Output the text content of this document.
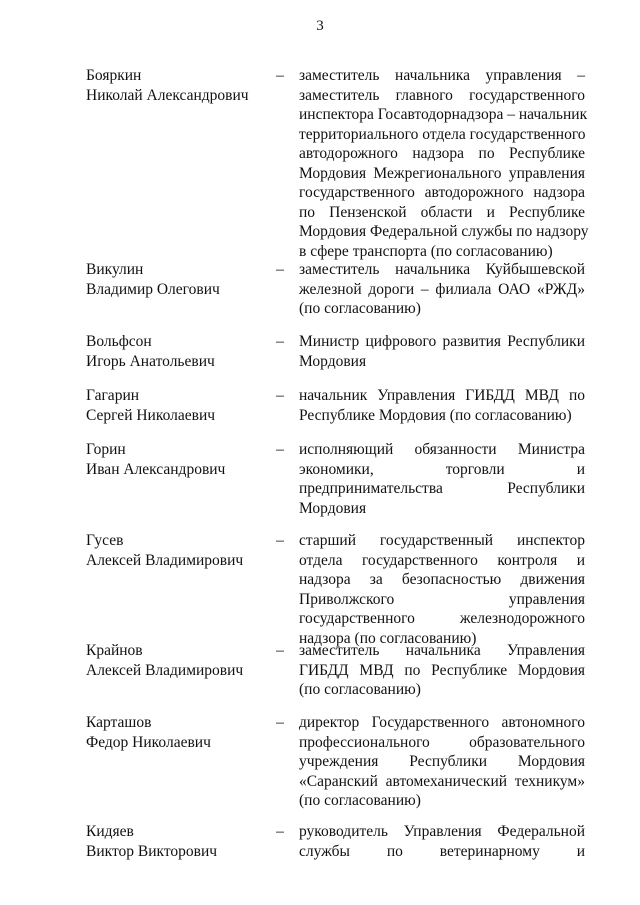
3
Бояркин
Николай Александрович
– заместитель начальника управления –
заместитель главного государственного
инспектора Госавтодорнадзора – начальник
территориального отдела государственного
автодорожного надзора по Республике
Мордовия Межрегионального управления
государственного автодорожного надзора
по Пензенской области и Республике
Мордовия Федеральной службы по надзору
в сфере транспорта (по согласованию)
Викулин
Владимир Олегович
– заместитель начальника Куйбышевской
железной дороги – филиала ОАО «РЖД»
(по согласованию)
Вольфсон
Игорь Анатольевич
– Министр цифрового развития Республики
Мордовия
Гагарин
Сергей Николаевич
– начальник Управления ГИБДД МВД по
Республике Мордовия (по согласованию)
Горин
Иван Александрович
– исполняющий обязанности Министра
экономики, торговли и
предпринимательства Республики
Мордовия
Гусев
Алексей Владимирович
– старший государственный инспектор
отдела государственного контроля и
надзора за безопасностью движения
Приволжского управления
государственного железнодорожного
надзора (по согласованию)
Крайнов
Алексей Владимирович
– заместитель начальника Управления
ГИБДД МВД по Республике Мордовия
(по согласованию)
Карташов
Федор Николаевич
– директор Государственного автономного
профессионального образовательного
учреждения Республики Мордовия
«Саранский автомеханический техникум»
(по согласованию)
Кидяев
Виктор Викторович
– руководитель Управления Федеральной
службы по ветеринарному и
